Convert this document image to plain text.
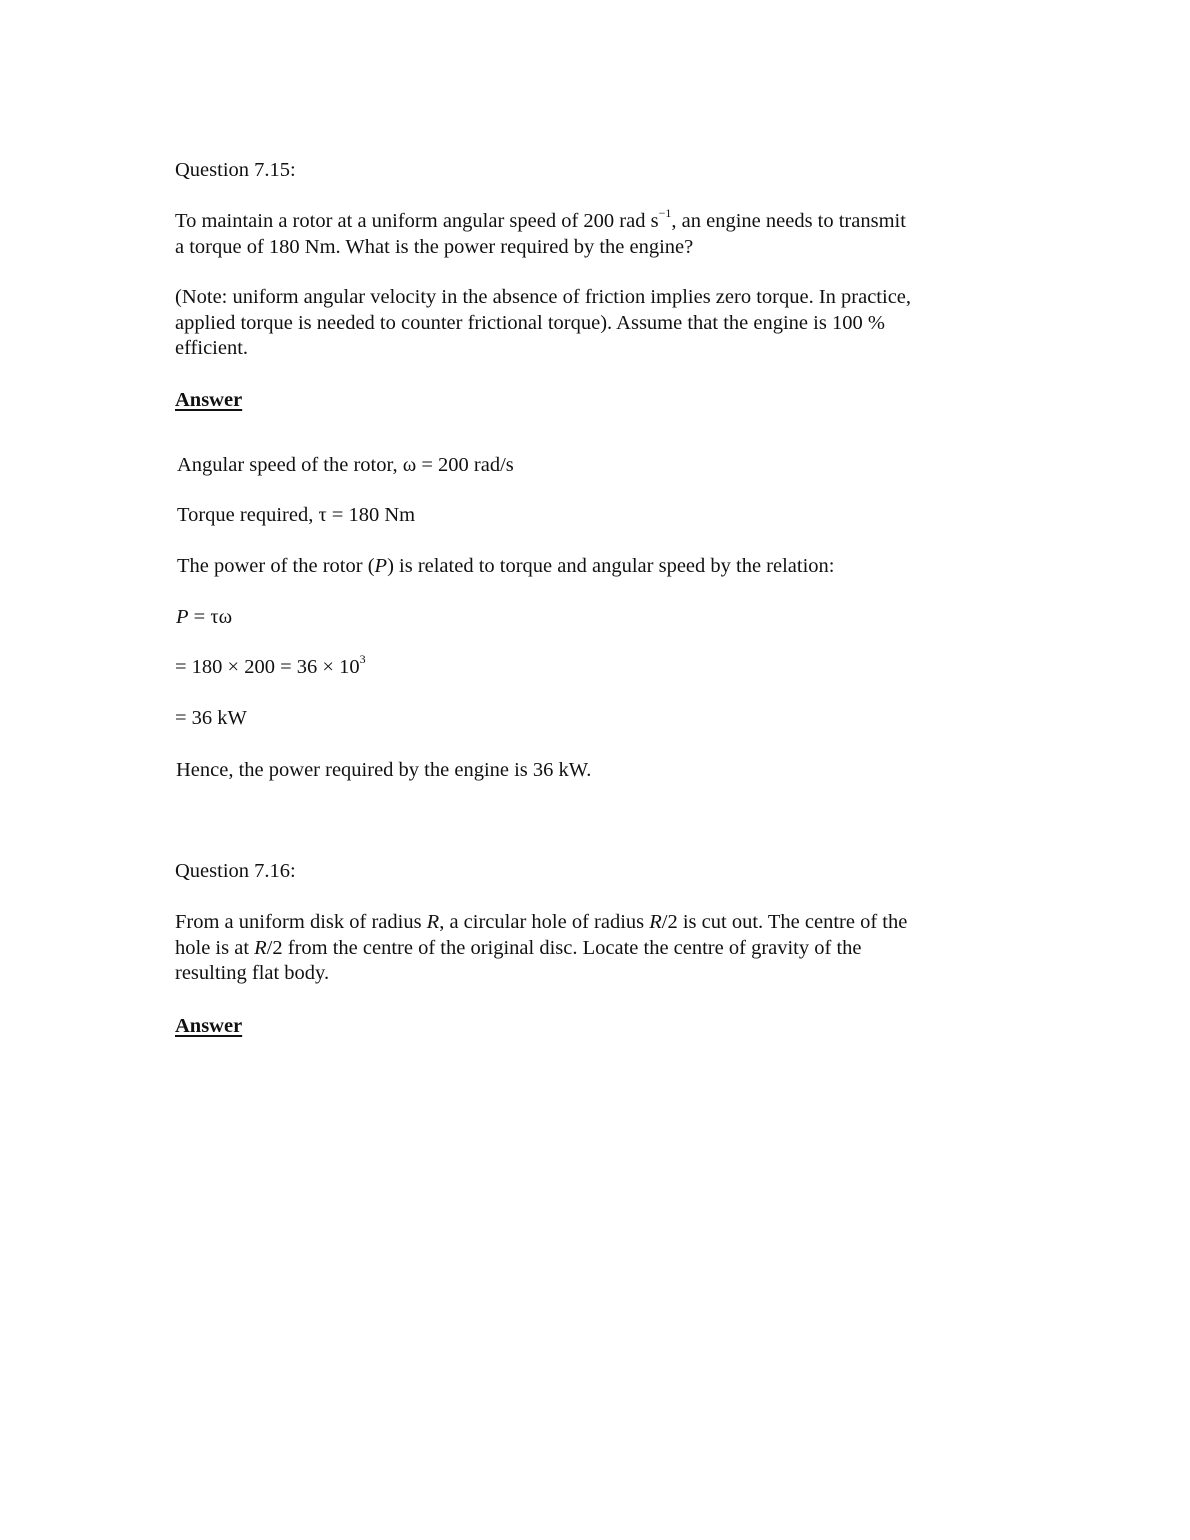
Question 7.15:
To maintain a rotor at a uniform angular speed of 200 rad $s^{-1}$, an engine needs to transmit
a torque of 180 Nm. What is the power required by the engine?
(Note: uniform angular velocity in the absence of friction implies zero torque. In practice,
applied torque is needed to counter frictional torque). Assume that the engine is 100 %
efficient.
Answer
Angular speed of the rotor, ω = 200 rad/s
Torque required, τ = 180 Nm
The power of the rotor (P) is related to torque and angular speed by the relation:
P = τω
= $180 \times 200 = 36 \times 10^3$
= 36 kW
Hence, the power required by the engine is 36 kW.
Question 7.16:
From a uniform disk of radius R, a circular hole of radius R/2 is cut out. The centre of the
hole is at R/2 from the centre of the original disc. Locate the centre of gravity of the
resulting flat body.
Answer
